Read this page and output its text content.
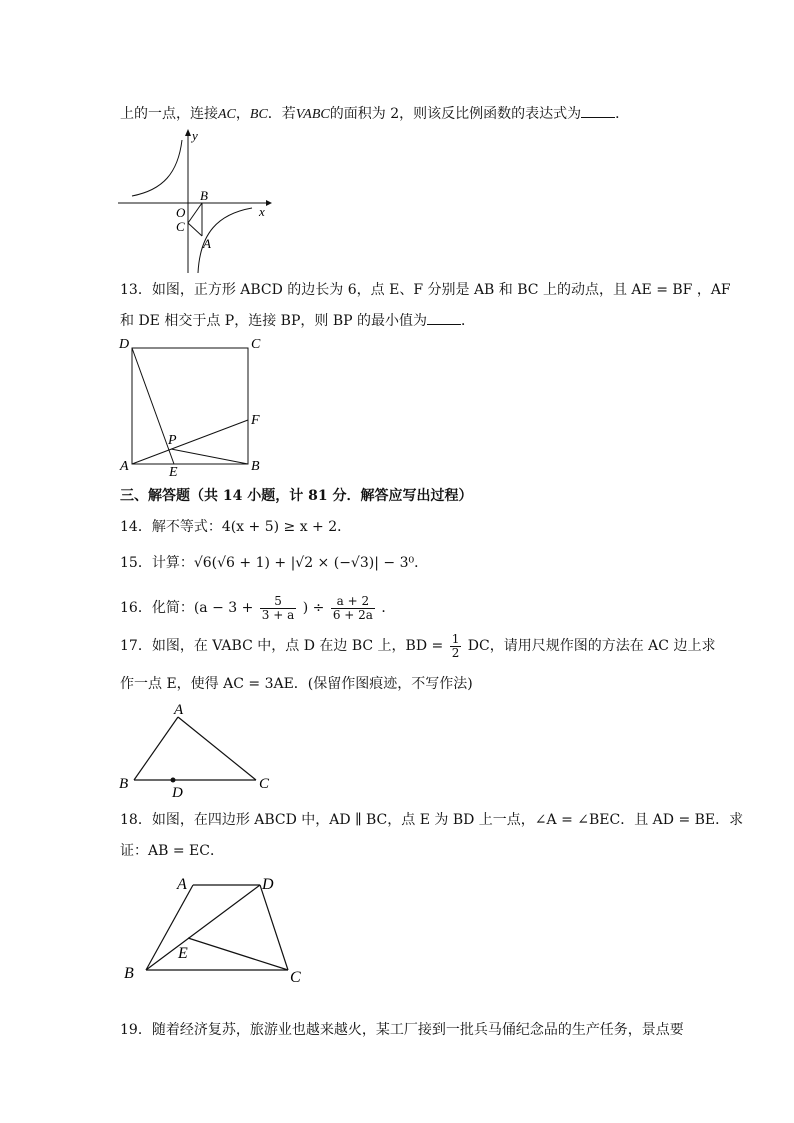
上的一点，连接AC，BC．若VABC的面积为 2，则该反比例函数的表达式为 ．
y
x
O
B
C
A
13．如图，正方形 ABCD 的边长为 6，点 E、F 分别是 AB 和 BC 上的动点，且 AE = BF ，AF
和 DE 相交于点 P，连接 BP，则 BP 的最小值为 ．
D	C
F
P
A	E	B
三、解答题（共 14 小题，计 81 分．解答应写出过程）
14．解不等式：4(x + 5) ≥ x + 2．
15．计算：√6(√6 + 1) + |√2 × (−√3)| − 3⁰．
16．化简：($a - 3 + \frac{5}{3 + a}$ ) ÷ $\frac{a + 2}{6 + 2a}$ ．
17．如图，在 VABC 中，点 D 在边 BC 上，BD = $\frac{1}{2}$ DC，请用尺规作图的方法在 AC 边上求
作一点 E，使得 AC = 3AE．(保留作图痕迹，不写作法)
A
B
D
C
18．如图，在四边形 ABCD 中，AD ∥ BC，点 E 为 BD 上一点，∠A = ∠BEC．且 AD = BE．求
证：AB = EC．
A	D
E
B	C
19．随着经济复苏，旅游业也越来越火，某工厂接到一批兵马俑纪念品的生产任务，景点要
